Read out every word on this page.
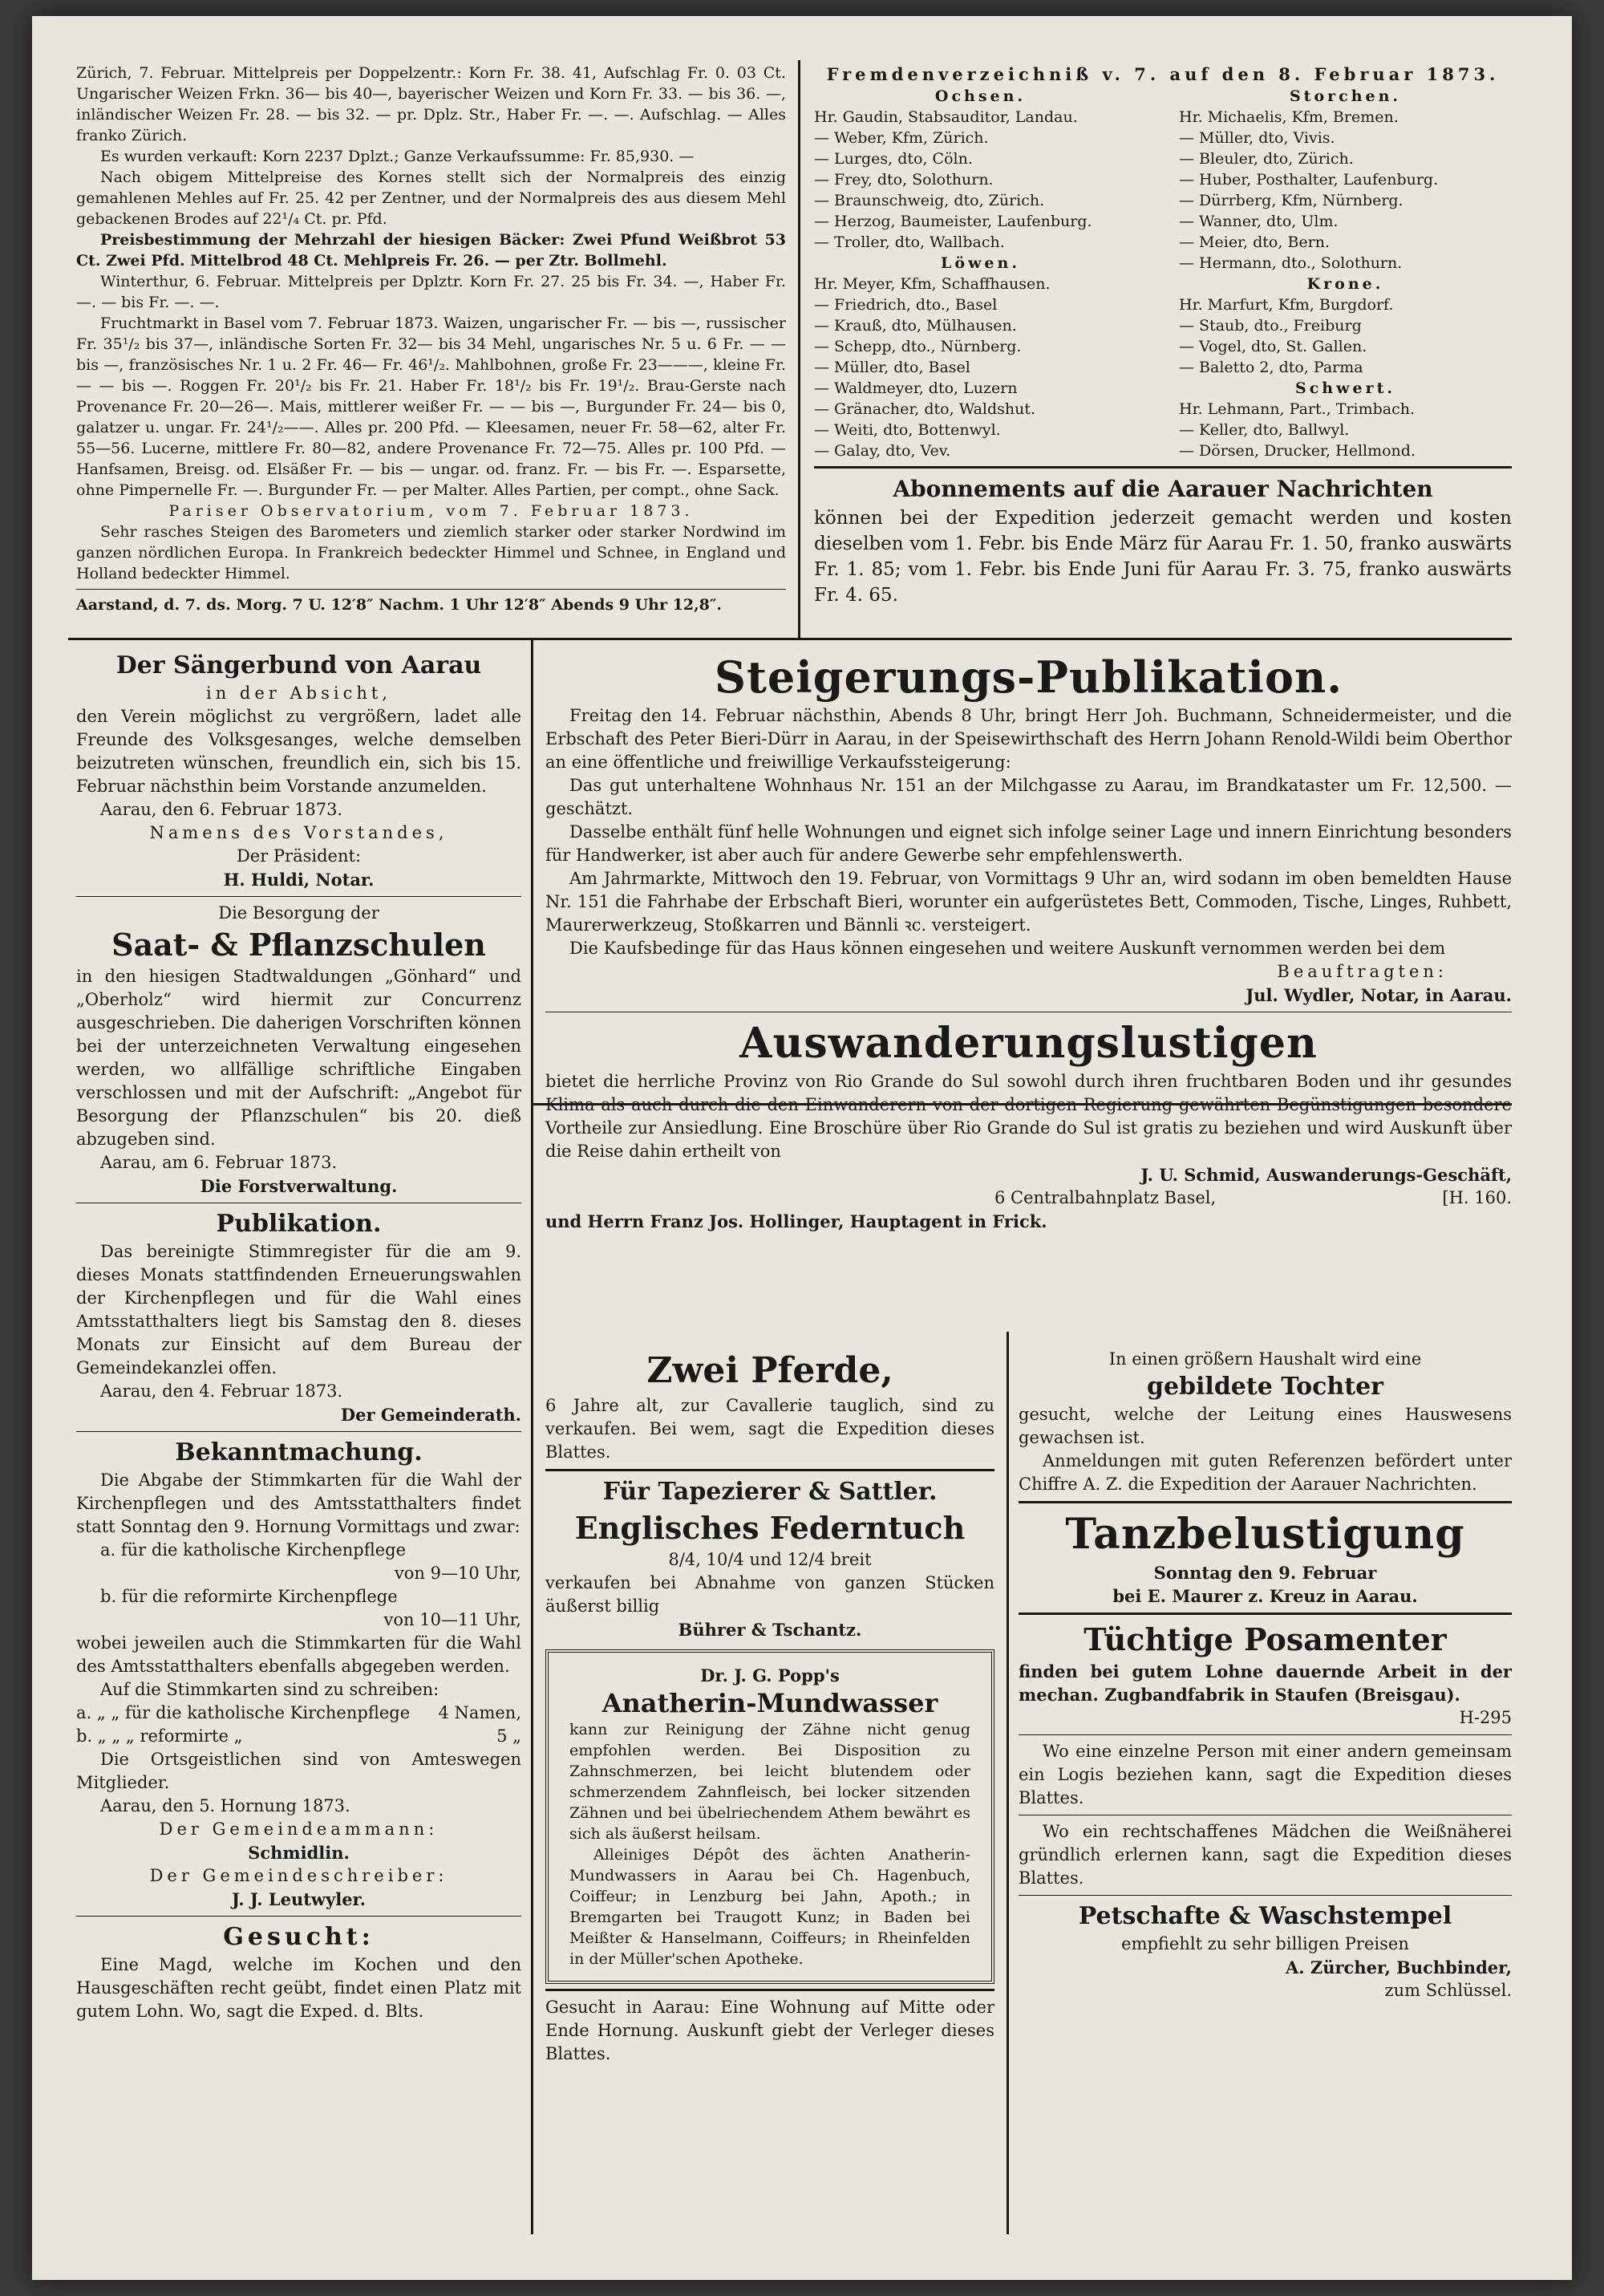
Zürich, 7. Februar. Mittelpreis per Doppelzentr.: Korn Fr. 38. 41, Aufschlag Fr. 0. 03 Ct. Ungarischer Weizen Frkn. 36— bis 40—, bayerischer Weizen und Korn Fr. 33. — bis 36. —, inländischer Weizen Fr. 28. — bis 32. — pr. Dplz. Str., Haber Fr. —. —. Aufschlag. — Alles franko Zürich.

Es wurden verkauft: Korn 2237 Dplzt.; Ganze Verkaufssumme: Fr. 85,930. —

Nach obigem Mittelpreise des Kornes stellt sich der Normalpreis des einzig gemahlenen Mehles auf Fr. 25. 42 per Zentner, und der Normalpreis des aus diesem Mehl gebackenen Brodes auf 22¹/₄ Ct. pr. Pfd.

Preisbestimmung der Mehrzahl der hiesigen Bäcker: Zwei Pfund Weißbrot 53 Ct. Zwei Pfd. Mittelbrod 48 Ct. Mehlpreis Fr. 26. — per Ztr. Bollmehl.

Winterthur, 6. Februar. Mittelpreis per Dplztr. Korn Fr. 27. 25 bis Fr. 34. —, Haber Fr. —. — bis Fr. —. —.

Fruchtmarkt in Basel vom 7. Februar 1873. Waizen, ungarischer Fr. — bis —, russischer Fr. 35¹/₂ bis 37—, inländische Sorten Fr. 32— bis 34 Mehl, ungarisches Nr. 5 u. 6 Fr. — — bis —, französisches Nr. 1 u. 2 Fr. 46— Fr. 46¹/₂. Mahlbohnen, große Fr. 23———, kleine Fr. — — bis —. Roggen Fr. 20¹/₂ bis Fr. 21. Haber Fr. 18¹/₂ bis Fr. 19¹/₂. Brau-Gerste nach Provenance Fr. 20—26—. Mais, mittlerer weißer Fr. — — bis —, Burgunder Fr. 24— bis 0, galatzer u. ungar. Fr. 24¹/₂——. Alles pr. 200 Pfd. — Kleesamen, neuer Fr. 58—62, alter Fr. 55—56. Lucerne, mittlere Fr. 80—82, andere Provenance Fr. 72—75. Alles pr. 100 Pfd. — Hanfsamen, Breisg. od. Elsäßer Fr. — bis — ungar. od. franz. Fr. — bis Fr. —. Esparsette, ohne Pimpernelle Fr. —. Burgunder Fr. — per Malter. Alles Partien, per compt., ohne Sack.

Pariser Observatorium, vom 7. Februar 1873.

Sehr rasches Steigen des Barometers und ziemlich starker oder starker Nordwind im ganzen nördlichen Europa. In Frankreich bedeckter Himmel und Schnee, in England und Holland bedeckter Himmel.

Aarstand, d. 7. ds. Morg. 7 U. 12′8″ Nachm. 1 Uhr 12′8″ Abends 9 Uhr 12,8″.

Fremdenverzeichniß v. 7. auf den 8. Februar 1873.

Ochsen.

Hr. Gaudin, Stabsauditor, Landau.

— Weber, Kfm, Zürich.

— Lurges, dto, Cöln.

— Frey, dto, Solothurn.

— Braunschweig, dto, Zürich.

— Herzog, Baumeister, Laufenburg.

— Troller, dto, Wallbach.

Löwen.

Hr. Meyer, Kfm, Schaffhausen.

— Friedrich, dto., Basel

— Krauß, dto, Mülhausen.

— Schepp, dto., Nürnberg.

— Müller, dto, Basel

— Waldmeyer, dto, Luzern

— Gränacher, dto, Waldshut.

— Weiti, dto, Bottenwyl.

— Galay, dto, Vev.

Storchen.

Hr. Michaelis, Kfm, Bremen.

— Müller, dto, Vivis.

— Bleuler, dto, Zürich.

— Huber, Posthalter, Laufenburg.

— Dürrberg, Kfm, Nürnberg.

— Wanner, dto, Ulm.

— Meier, dto, Bern.

— Hermann, dto., Solothurn.

Krone.

Hr. Marfurt, Kfm, Burgdorf.

— Staub, dto., Freiburg

— Vogel, dto, St. Gallen.

— Baletto 2, dto, Parma

Schwert.

Hr. Lehmann, Part., Trimbach.

— Keller, dto, Ballwyl.

— Dörsen, Drucker, Hellmond.

Abonnements auf die Aarauer Nachrichten

können bei der Expedition jederzeit gemacht werden und kosten dieselben vom 1. Febr. bis Ende März für Aarau Fr. 1. 50, franko auswärts Fr. 1. 85; vom 1. Febr. bis Ende Juni für Aarau Fr. 3. 75, franko auswärts Fr. 4. 65.

Der Sängerbund von Aarau

in der Absicht,

den Verein möglichst zu vergrößern, ladet alle Freunde des Volksgesanges, welche demselben beizutreten wünschen, freundlich ein, sich bis 15. Februar nächsthin beim Vorstande anzumelden.

Aarau, den 6. Februar 1873.

Namens des Vorstandes,

Der Präsident:

H. Huldi, Notar.

Die Besorgung der

Saat- & Pflanzschulen

in den hiesigen Stadtwaldungen „Gönhard“ und „Oberholz“ wird hiermit zur Concurrenz ausgeschrieben. Die daherigen Vorschriften können bei der unterzeichneten Verwaltung eingesehen werden, wo allfällige schriftliche Eingaben verschlossen und mit der Aufschrift: „Angebot für Besorgung der Pflanzschulen“ bis 20. dieß abzugeben sind.

Aarau, am 6. Februar 1873.

Die Forstverwaltung.

Publikation.

Das bereinigte Stimmregister für die am 9. dieses Monats stattfindenden Erneuerungswahlen der Kirchenpflegen und für die Wahl eines Amtsstatthalters liegt bis Samstag den 8. dieses Monats zur Einsicht auf dem Bureau der Gemeindekanzlei offen.

Aarau, den 4. Februar 1873.

Der Gemeinderath.

Bekanntmachung.

Die Abgabe der Stimmkarten für die Wahl der Kirchenpflegen und des Amtsstatthalters findet statt Sonntag den 9. Hornung Vormittags und zwar:

a. für die katholische Kirchenpflege

von 9—10 Uhr,

b. für die reformirte Kirchenpflege

von 10—11 Uhr,

wobei jeweilen auch die Stimmkarten für die Wahl des Amtsstatthalters ebenfalls abgegeben werden.

Auf die Stimmkarten sind zu schreiben:

a. „ „ für die katholische Kirchenpflege 4 Namen,
b. „ „ „ reformirte „	5 „

Die Ortsgeistlichen sind von Amteswegen Mitglieder.

Aarau, den 5. Hornung 1873.

Der Gemeindeammann:

Schmidlin.

Der Gemeindeschreiber:

J. J. Leutwyler.

Gesucht:

Eine Magd, welche im Kochen und den Hausgeschäften recht geübt, findet einen Platz mit gutem Lohn. Wo, sagt die Exped. d. Blts.

Steigerungs-Publikation.

Freitag den 14. Februar nächsthin, Abends 8 Uhr, bringt Herr Joh. Buchmann, Schneidermeister, und die Erbschaft des Peter Bieri-Dürr in Aarau, in der Speisewirthschaft des Herrn Johann Renold-Wildi beim Oberthor an eine öffentliche und freiwillige Verkaufssteigerung:

Das gut unterhaltene Wohnhaus Nr. 151 an der Milchgasse zu Aarau, im Brandkataster um Fr. 12,500. — geschätzt.

Dasselbe enthält fünf helle Wohnungen und eignet sich infolge seiner Lage und innern Einrichtung besonders für Handwerker, ist aber auch für andere Gewerbe sehr empfehlenswerth.

Am Jahrmarkte, Mittwoch den 19. Februar, von Vormittags 9 Uhr an, wird sodann im oben bemeldten Hause Nr. 151 die Fahrhabe der Erbschaft Bieri, worunter ein aufgerüstetes Bett, Commoden, Tische, Linges, Ruhbett, Maurerwerkzeug, Stoßkarren und Bännli ꝛc. versteigert.

Die Kaufsbedinge für das Haus können eingesehen und weitere Auskunft vernommen werden bei dem

Beauftragten:

Jul. Wydler, Notar, in Aarau.

Auswanderungslustigen

bietet die herrliche Provinz von Rio Grande do Sul sowohl durch ihren fruchtbaren Boden und ihr gesundes Klima als auch durch die den Einwanderern von der dortigen Regierung gewährten Begünstigungen besondere Vortheile zur Ansiedlung. Eine Broschüre über Rio Grande do Sul ist gratis zu beziehen und wird Auskunft über die Reise dahin ertheilt von

J. U. Schmid, Auswanderungs-Geschäft,

6 Centralbahnplatz Basel,	[H. 160.

und Herrn Franz Jos. Hollinger, Hauptagent in Frick.

Zwei Pferde,

6 Jahre alt, zur Cavallerie tauglich, sind zu verkaufen. Bei wem, sagt die Expedition dieses Blattes.

Für Tapezierer & Sattler.

Englisches Federntuch

8/4, 10/4 und 12/4 breit

verkaufen bei Abnahme von ganzen Stücken äußerst billig

Bührer & Tschantz.

Dr. J. G. Popp's

Anatherin-Mundwasser

kann zur Reinigung der Zähne nicht genug empfohlen werden. Bei Disposition zu Zahnschmerzen, bei leicht blutendem oder schmerzendem Zahnfleisch, bei locker sitzenden Zähnen und bei übelriechendem Athem bewährt es sich als äußerst heilsam.

Alleiniges Dépôt des ächten Anatherin-Mundwassers in Aarau bei Ch. Hagenbuch, Coiffeur; in Lenzburg bei Jahn, Apoth.; in Bremgarten bei Traugott Kunz; in Baden bei Meißter & Hanselmann, Coiffeurs; in Rheinfelden in der Müller'schen Apotheke.

Gesucht in Aarau: Eine Wohnung auf Mitte oder Ende Hornung. Auskunft giebt der Verleger dieses Blattes.

In einen größern Haushalt wird eine

gebildete Tochter

gesucht, welche der Leitung eines Hauswesens gewachsen ist.

Anmeldungen mit guten Referenzen befördert unter Chiffre A. Z. die Expedition der Aarauer Nachrichten.

Tanzbelustigung

Sonntag den 9. Februar

bei E. Maurer z. Kreuz in Aarau.

Tüchtige Posamenter

finden bei gutem Lohne dauernde Arbeit in der mechan. Zugbandfabrik in Staufen (Breisgau).

H-295

Wo eine einzelne Person mit einer andern gemeinsam ein Logis beziehen kann, sagt die Expedition dieses Blattes.

Wo ein rechtschaffenes Mädchen die Weißnäherei gründlich erlernen kann, sagt die Expedition dieses Blattes.

Petschafte & Waschstempel

empfiehlt zu sehr billigen Preisen

A. Zürcher, Buchbinder,

zum Schlüssel.
